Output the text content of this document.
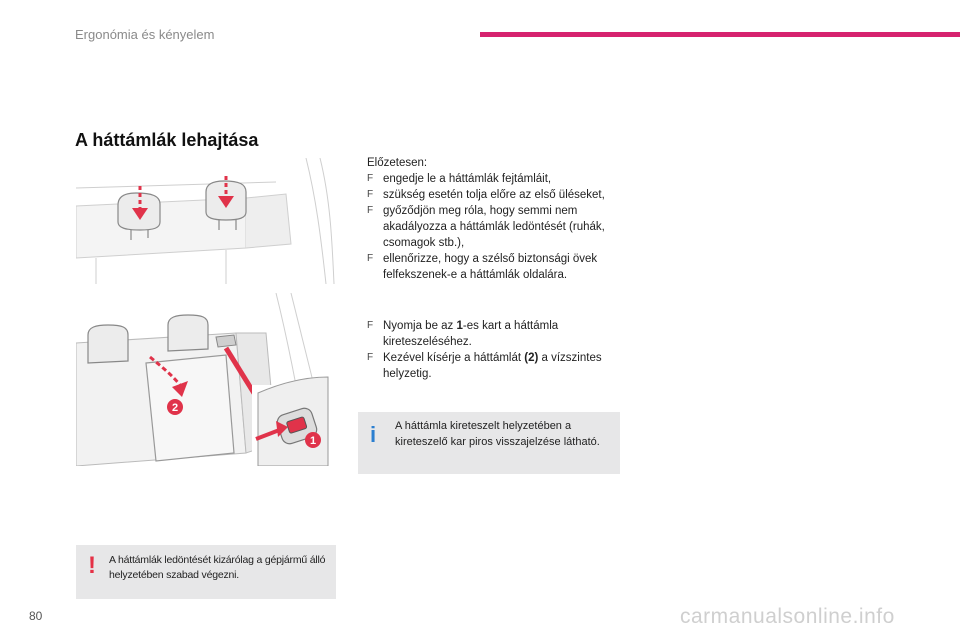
Ergonómia és kényelem
A háttámlák lehajtása
2
1

Előzetesen:

F engedje le a háttámlák fejtámláit,

F szükség esetén tolja előre az első üléseket,

F győződjön meg róla, hogy semmi nem akadályozza a háttámlák ledöntését (ruhák, csomagok stb.),

F ellenőrizze, hogy a szélső biztonsági övek felfekszenek-e a háttámlák oldalára.

F Nyomja be az 1-es kart a háttámla kireteszeléséhez.

F Kezével kísérje a háttámlát (2) a vízszintes helyzetig.

i A háttámla kireteszelt helyzetében a kireteszelő kar piros visszajelzése látható.
! A háttámlák ledöntését kizárólag a gépjármű álló helyzetében szabad végezni.
80	carmanualsonline.info
